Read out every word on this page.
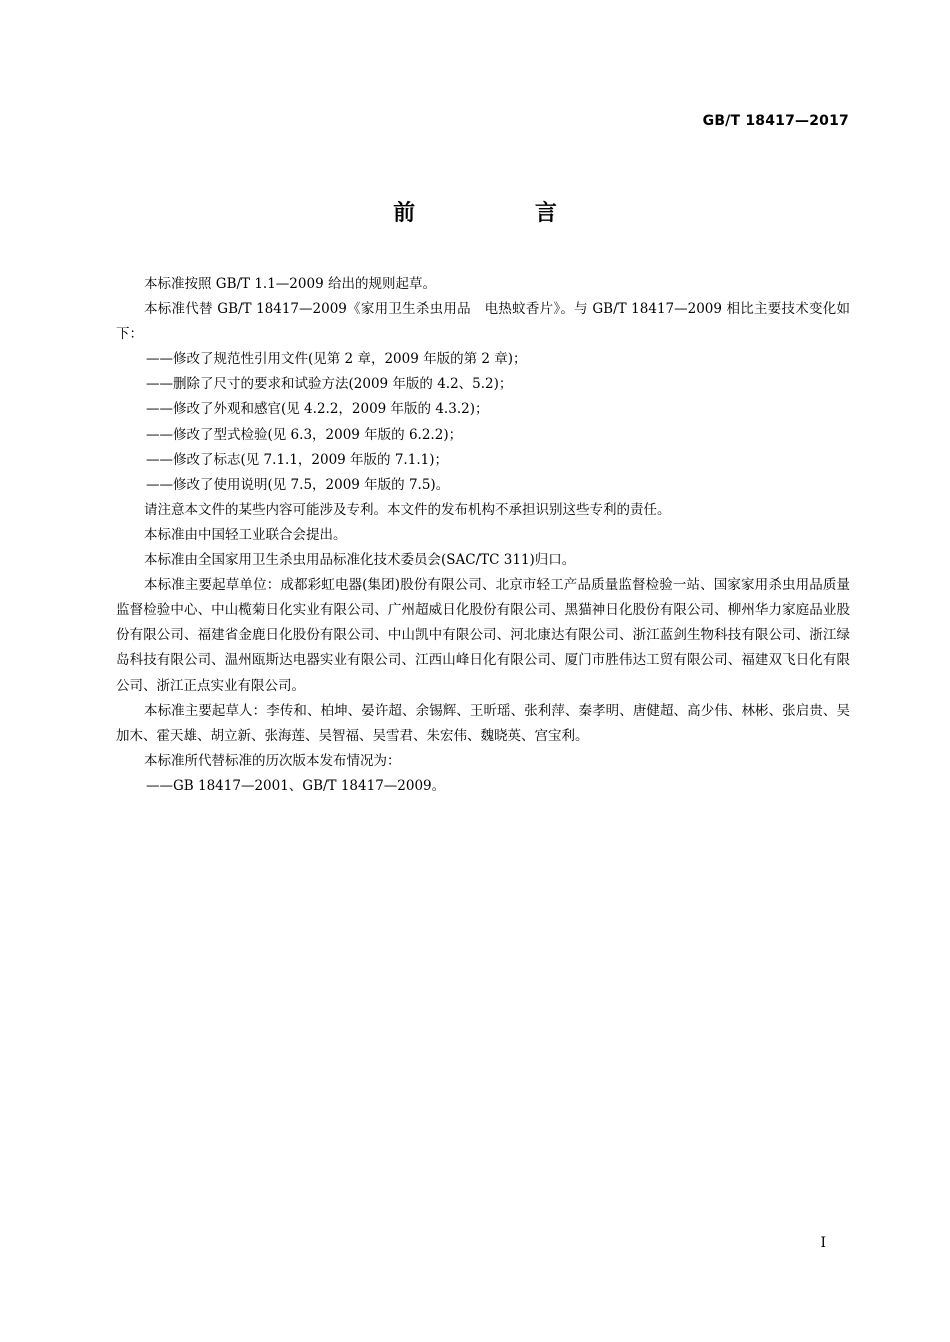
GB/T 18417—2017
前 言

本标准按照 GB/T 1.1—2009 给出的规则起草。

本标准代替 GB/T 18417—2009《家用卫生杀虫用品　电热蚊香片》。与 GB/T 18417—2009 相比主要技术变化如下：

——修改了规范性引用文件(见第 2 章，2009 年版的第 2 章)；

——删除了尺寸的要求和试验方法(2009 年版的 4.2、5.2)；

——修改了外观和感官(见 4.2.2，2009 年版的 4.3.2)；

——修改了型式检验(见 6.3，2009 年版的 6.2.2)；

——修改了标志(见 7.1.1，2009 年版的 7.1.1)；

——修改了使用说明(见 7.5，2009 年版的 7.5)。

请注意本文件的某些内容可能涉及专利。本文件的发布机构不承担识别这些专利的责任。

本标准由中国轻工业联合会提出。

本标准由全国家用卫生杀虫用品标准化技术委员会(SAC/TC 311)归口。

本标准主要起草单位：成都彩虹电器(集团)股份有限公司、北京市轻工产品质量监督检验一站、国家家用杀虫用品质量监督检验中心、中山榄菊日化实业有限公司、广州超威日化股份有限公司、黑猫神日化股份有限公司、柳州华力家庭品业股份有限公司、福建省金鹿日化股份有限公司、中山凯中有限公司、河北康达有限公司、浙江蓝剑生物科技有限公司、浙江绿岛科技有限公司、温州瓯斯达电器实业有限公司、江西山峰日化有限公司、厦门市胜伟达工贸有限公司、福建双飞日化有限公司、浙江正点实业有限公司。

本标准主要起草人：李传和、柏坤、晏许超、余锡辉、王昕瑶、张利萍、秦孝明、唐健超、高少伟、林彬、张启贵、吴加木、霍天雄、胡立新、张海莲、吴智福、吴雪君、朱宏伟、魏晓英、宫宝利。

本标准所代替标准的历次版本发布情况为：

——GB 18417—2001、GB/T 18417—2009。

I
